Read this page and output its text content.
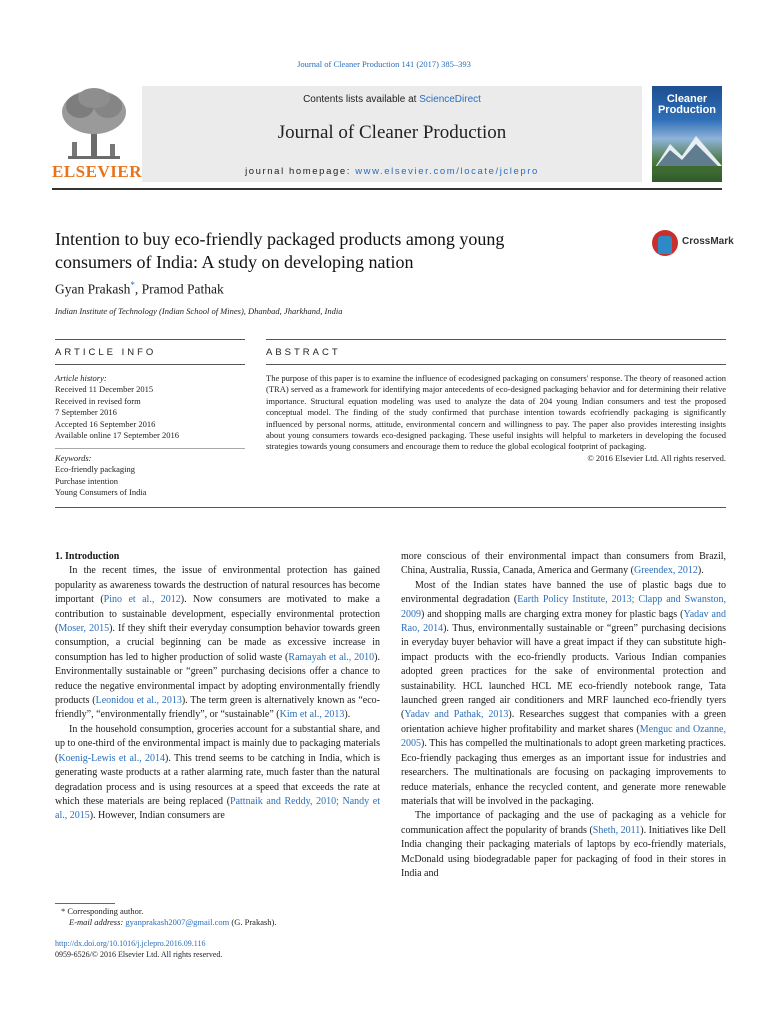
Journal of Cleaner Production 141 (2017) 385–393
ELSEVIER
Contents lists available at ScienceDirect
Journal of Cleaner Production
journal homepage: www.elsevier.com/locate/jclepro
Cleaner
Production
Intention to buy eco-friendly packaged products among young
consumers of India: A study on developing nation
CrossMark
Gyan Prakash*, Pramod Pathak
Indian Institute of Technology (Indian School of Mines), Dhanbad, Jharkhand, India
ARTICLE INFO	ABSTRACT
Article history:
Received 11 December 2015
Received in revised form
7 September 2016
Accepted 16 September 2016
Available online 17 September 2016
Keywords:
Eco-friendly packaging
Purchase intention
Young Consumers of India
The purpose of this paper is to examine the influence of ecodesigned packaging on consumers' response. The theory of reasoned action (TRA) served as a framework for identifying major antecedents of eco-designed packaging behavior and for determining their relative importance. Structural equation modeling was used to analyze the data of 204 young Indian consumers and test the proposed conceptual model. The finding of the study confirmed that purchase intention towards ecofriendly packaging is significantly influenced by personal norms, attitude, environmental concern and willingness to pay. The paper also provides interesting insights about young consumers towards eco-designed packaging. These useful insights will helpful to marketers in developing the focused strategies towards young consumers and encourage them to reduce the global ecological footprint of packaging.
© 2016 Elsevier Ltd. All rights reserved.

1. Introduction

In the recent times, the issue of environmental protection has gained popularity as awareness towards the destruction of natural resources has become important (Pino et al., 2012). Now consumers are motivated to make a contribution to sustainable development, especially environmental protection (Moser, 2015). If they shift their everyday consumption behavior towards green consumption, a crucial beginning can be made as excessive increase in consumption has led to higher production of solid waste (Ramayah et al., 2010). Environmentally sustainable or “green” purchasing decisions offer a chance to reduce the negative environmental impact by adopting environmentally friendly products (Leonidou et al., 2013). The term green is alternatively known as “eco-friendly”, “environmentally friendly”, or “sustainable” (Kim et al., 2013).

In the household consumption, groceries account for a substantial share, and up to one-third of the environmental impact is mainly due to packaging materials (Koenig-Lewis et al., 2014). This trend seems to be catching in India, which is generating waste products at a rather alarming rate, much faster than the natural degradation process and is using resources at a speed that exceeds the rate at which these materials are being replaced (Pattnaik and Reddy, 2010; Nandy et al., 2015). However, Indian consumers are

more conscious of their environmental impact than consumers from Brazil, China, Australia, Russia, Canada, America and Germany (Greendex, 2012).

Most of the Indian states have banned the use of plastic bags due to environmental degradation (Earth Policy Institute, 2013; Clapp and Swanston, 2009) and shopping malls are charging extra money for plastic bags (Yadav and Rao, 2014). Thus, environmentally sustainable or “green” purchasing decisions in everyday buyer behavior will have a great impact if they can substitute high-impact products with the eco-friendly products. Various Indian companies adopted green practices for the sake of environmental protection and sustainability. HCL launched HCL ME eco-friendly notebook range, Tata launched green ranged air conditioners and MRF launched eco-friendly tyers (Yadav and Pathak, 2013). Researches suggest that companies with a green orientation achieve higher profitability and market shares (Menguc and Ozanne, 2005). This has compelled the multinationals to adopt green marketing practices. Eco-friendly packaging thus emerges as an important issue for industries and researchers. The multinationals are focusing on packaging improvements to reduce materials, enhance the recycled content, and generate more renewable materials that will be involved in the packaging.

The importance of packaging and the use of packaging as a vehicle for communication affect the popularity of brands (Sheth, 2011). Initiatives like Dell India changing their packaging materials of laptops by eco-friendly materials, McDonald using biodegradable paper for packaging of food in their stores in India and

* Corresponding author.
E-mail address: gyanprakash2007@gmail.com (G. Prakash).
http://dx.doi.org/10.1016/j.jclepro.2016.09.116
0959-6526/© 2016 Elsevier Ltd. All rights reserved.
